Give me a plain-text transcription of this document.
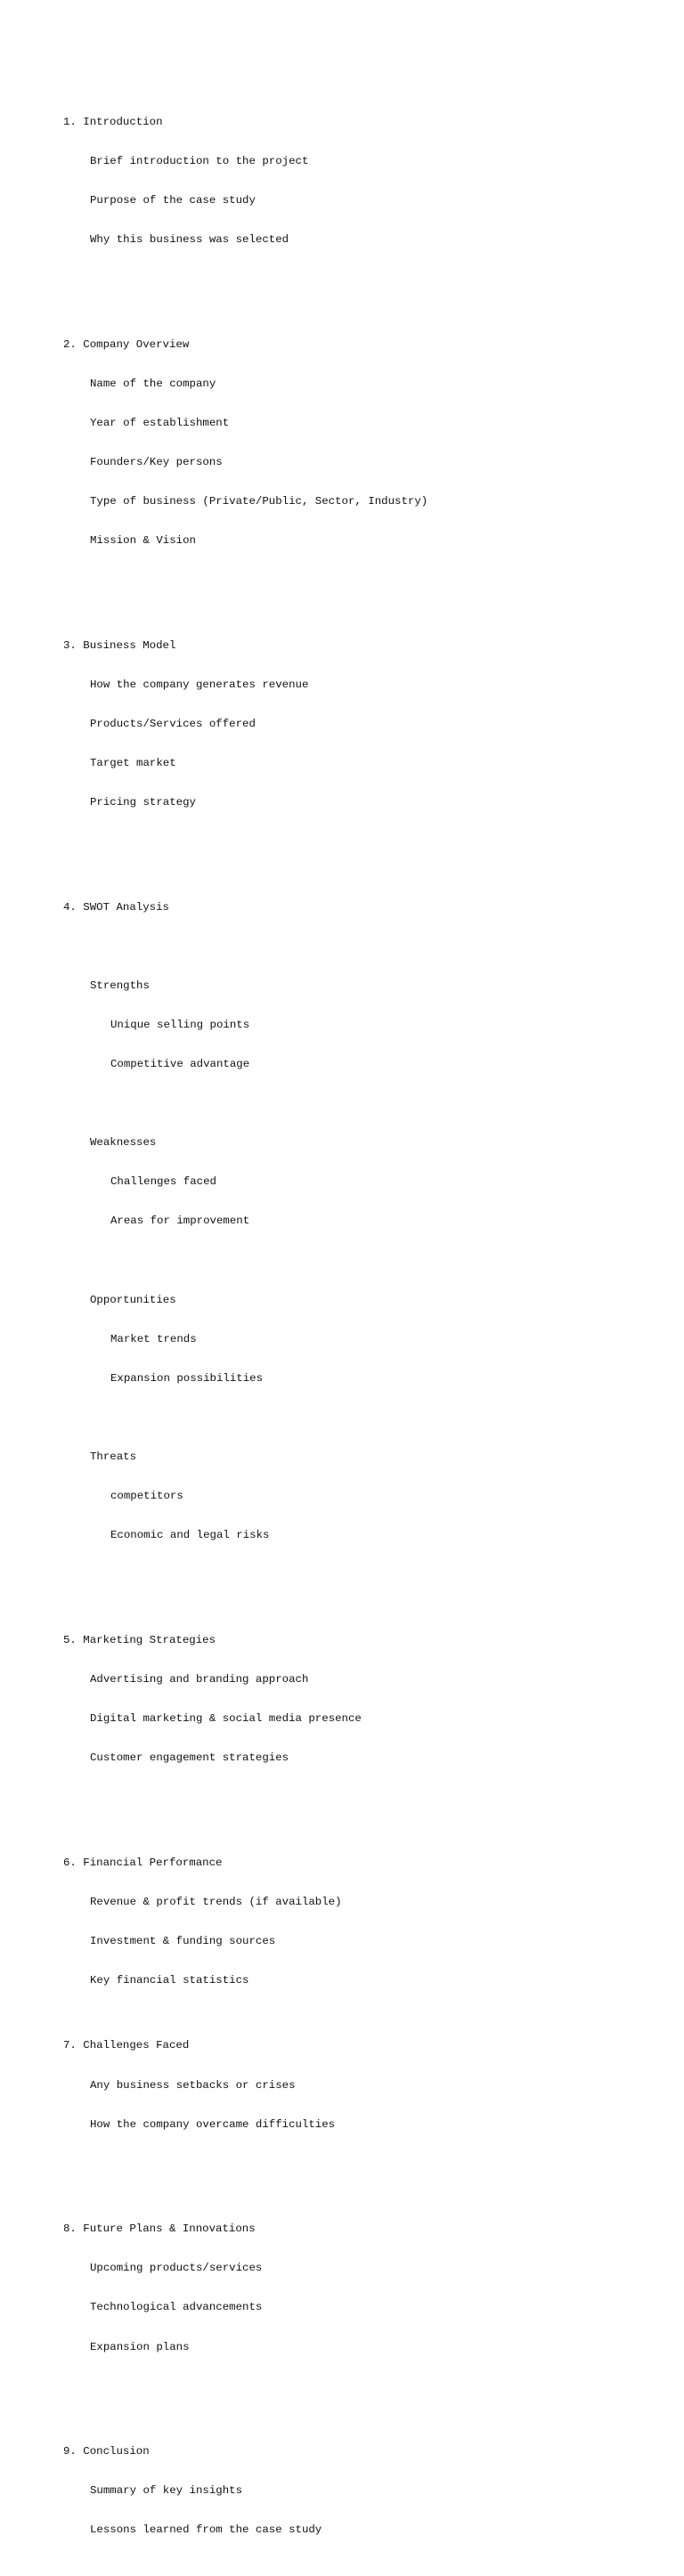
1. Introduction

Brief introduction to the project

Purpose of the case study

Why this business was selected

2. Company Overview

Name of the company

Year of establishment

Founders/Key persons

Type of business (Private/Public, Sector, Industry)

Mission & Vision

3. Business Model

How the company generates revenue

Products/Services offered

Target market

Pricing strategy

4. SWOT Analysis

Strengths

Unique selling points

Competitive advantage

Weaknesses

Challenges faced

Areas for improvement

Opportunities

Market trends

Expansion possibilities

Threats

competitors

Economic and legal risks

5. Marketing Strategies

Advertising and branding approach

Digital marketing & social media presence

Customer engagement strategies

6. Financial Performance

Revenue & profit trends (if available)

Investment & funding sources

Key financial statistics

7. Challenges Faced

Any business setbacks or crises

How the company overcame difficulties

8. Future Plans & Innovations

Upcoming products/services

Technological advancements

Expansion plans

9. Conclusion

Summary of key insights

Lessons learned from the case study
